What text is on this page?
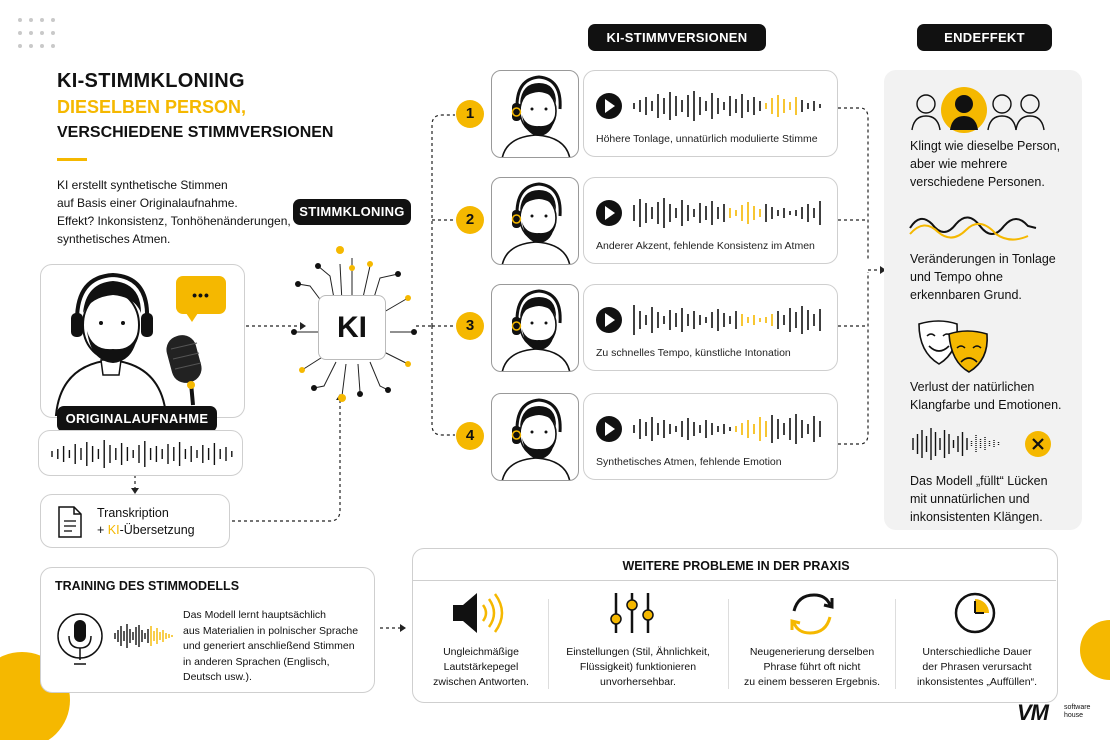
KI-STIMMKLONING
DIESELBEN PERSON,
VERSCHIEDENE STIMMVERSIONEN
KI erstellt synthetische Stimmen
auf Basis einer Originalaufnahme.
Effekt? Inkonsistenz, Tonhöhenänderungen,
synthetisches Atmen.
•••
ORIGINALAUFNAHME
Transkription
+ KI-Übersetzung
STIMMKLONING
KI
KI-STIMMVERSIONEN	ENDEFFEKT
1
Höhere Tonlage, unnatürlich modulierte Stimme
2
Anderer Akzent, fehlende Konsistenz im Atmen
3
Zu schnelles Tempo, künstliche Intonation
4
Synthetisches Atmen, fehlende Emotion
Klingt wie dieselbe Person,
aber wie mehrere
verschiedene Personen.
Veränderungen in Tonlage
und Tempo ohne
erkennbaren Grund.
Verlust der natürlichen
Klangfarbe und Emotionen.
Das Modell „füllt“ Lücken
mit unnatürlichen und
inkonsistenten Klängen.
TRAINING DES STIMMODELLS
Das Modell lernt hauptsächlich
aus Materialien in polnischer Sprache
und generiert anschließend Stimmen
in anderen Sprachen (Englisch,
Deutsch usw.).
WEITERE PROBLEME IN DER PRAXIS
Ungleichmäßige
Lautstärkepegel
zwischen Antworten.
Einstellungen (Stil, Ähnlichkeit,
Flüssigkeit) funktionieren
unvorhersehbar.
Neugenerierung derselben
Phrase führt oft nicht
zu einem besseren Ergebnis.
Unterschiedliche Dauer
der Phrasen verursacht
inkonsistentes „Auffüllen“.
VM software
house
